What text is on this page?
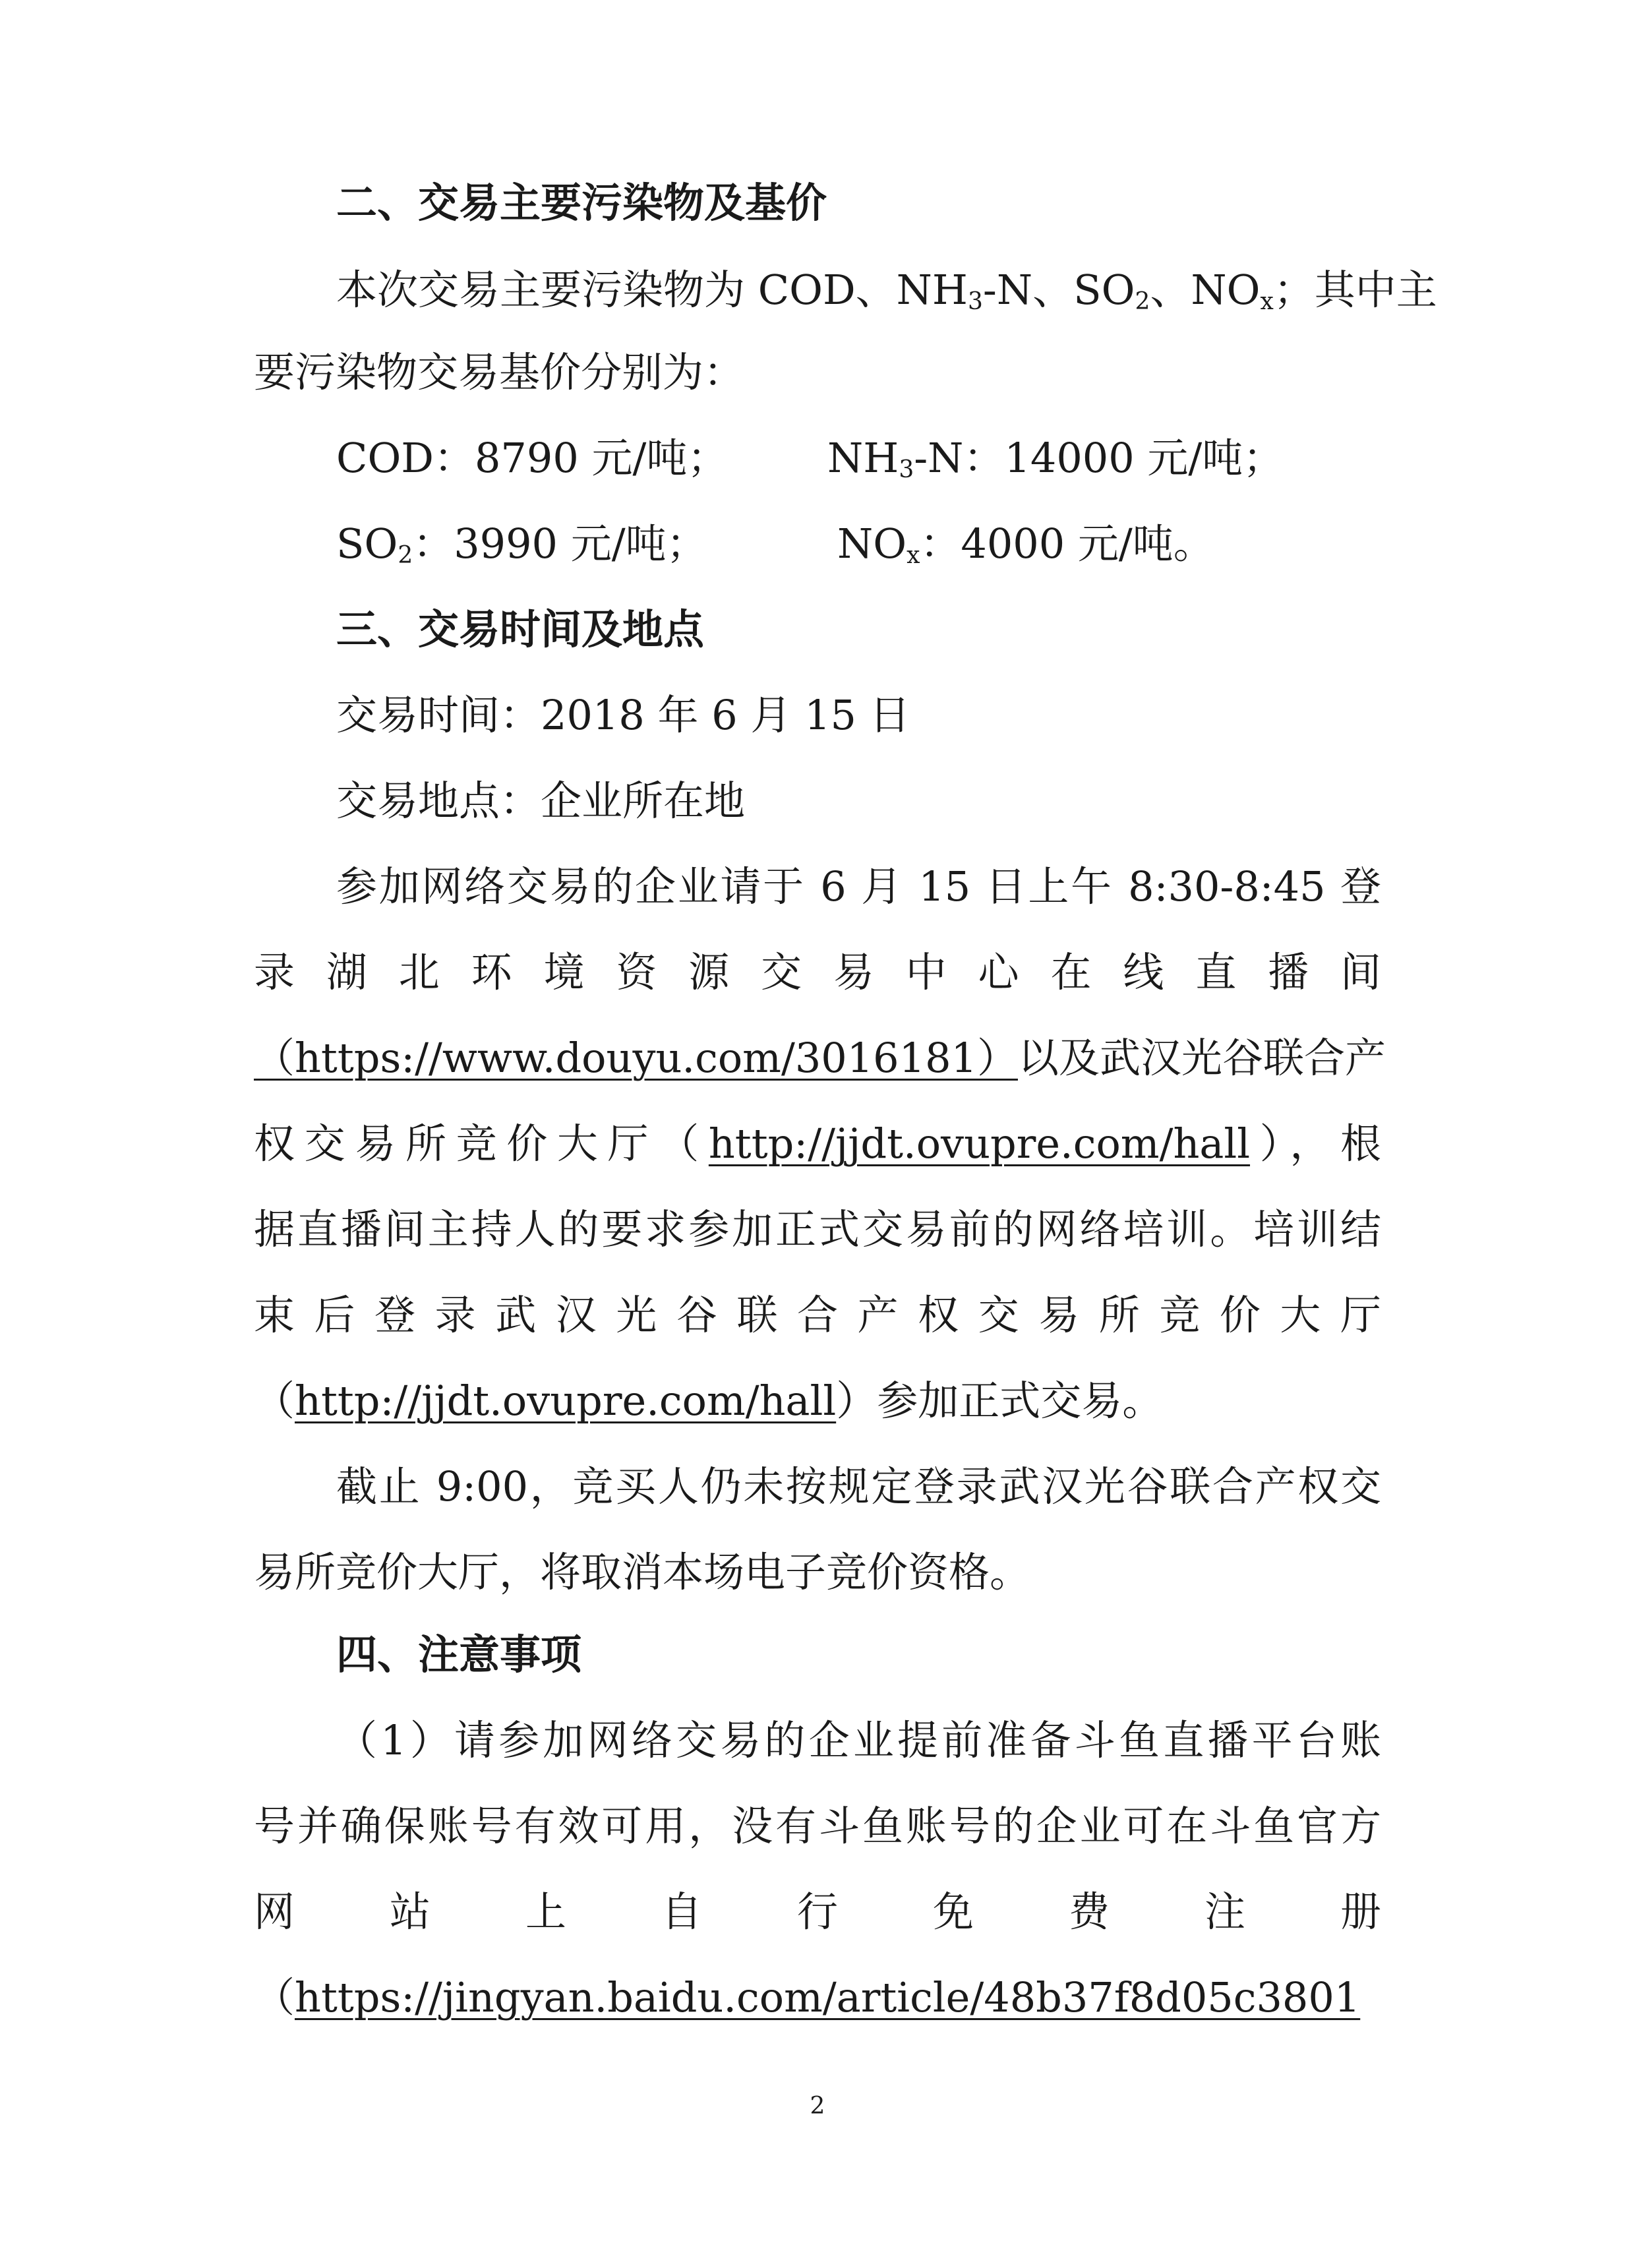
二、交易主要污染物及基价
本次交易主要污染物为 COD、$NH_3-N$、$SO_2$、$NO_x$；其中主
要污染物交易基价分别为：
COD：8790 元/吨； $NH_3-N$：14000 元/吨；
$SO_2$：3990 元/吨；	$NO_x$：4000 元/吨。
三、交易时间及地点
交易时间：2018 年 6 月 15 日
交易地点：企业所在地
参加网络交易的企业请于 6 月 15 日上午 8:30-8:45 登
录湖北环境资源交易中心在线直播间
（https://www.douyu.com/3016181）以及武汉光谷联合产
权交易所竞价大厅（http://jjdt.ovupre.com/hall），根
据直播间主持人的要求参加正式交易前的网络培训。培训结
束后登录武汉光谷联合产权交易所竞价大厅
（http://jjdt.ovupre.com/hall）参加正式交易。
截止 9:00，竞买人仍未按规定登录武汉光谷联合产权交
易所竞价大厅，将取消本场电子竞价资格。
四、注意事项
（1）请参加网络交易的企业提前准备斗鱼直播平台账
号并确保账号有效可用，没有斗鱼账号的企业可在斗鱼官方
网站上自行免费注册
（https://jingyan.baidu.com/article/48b37f8d05c3801
2
